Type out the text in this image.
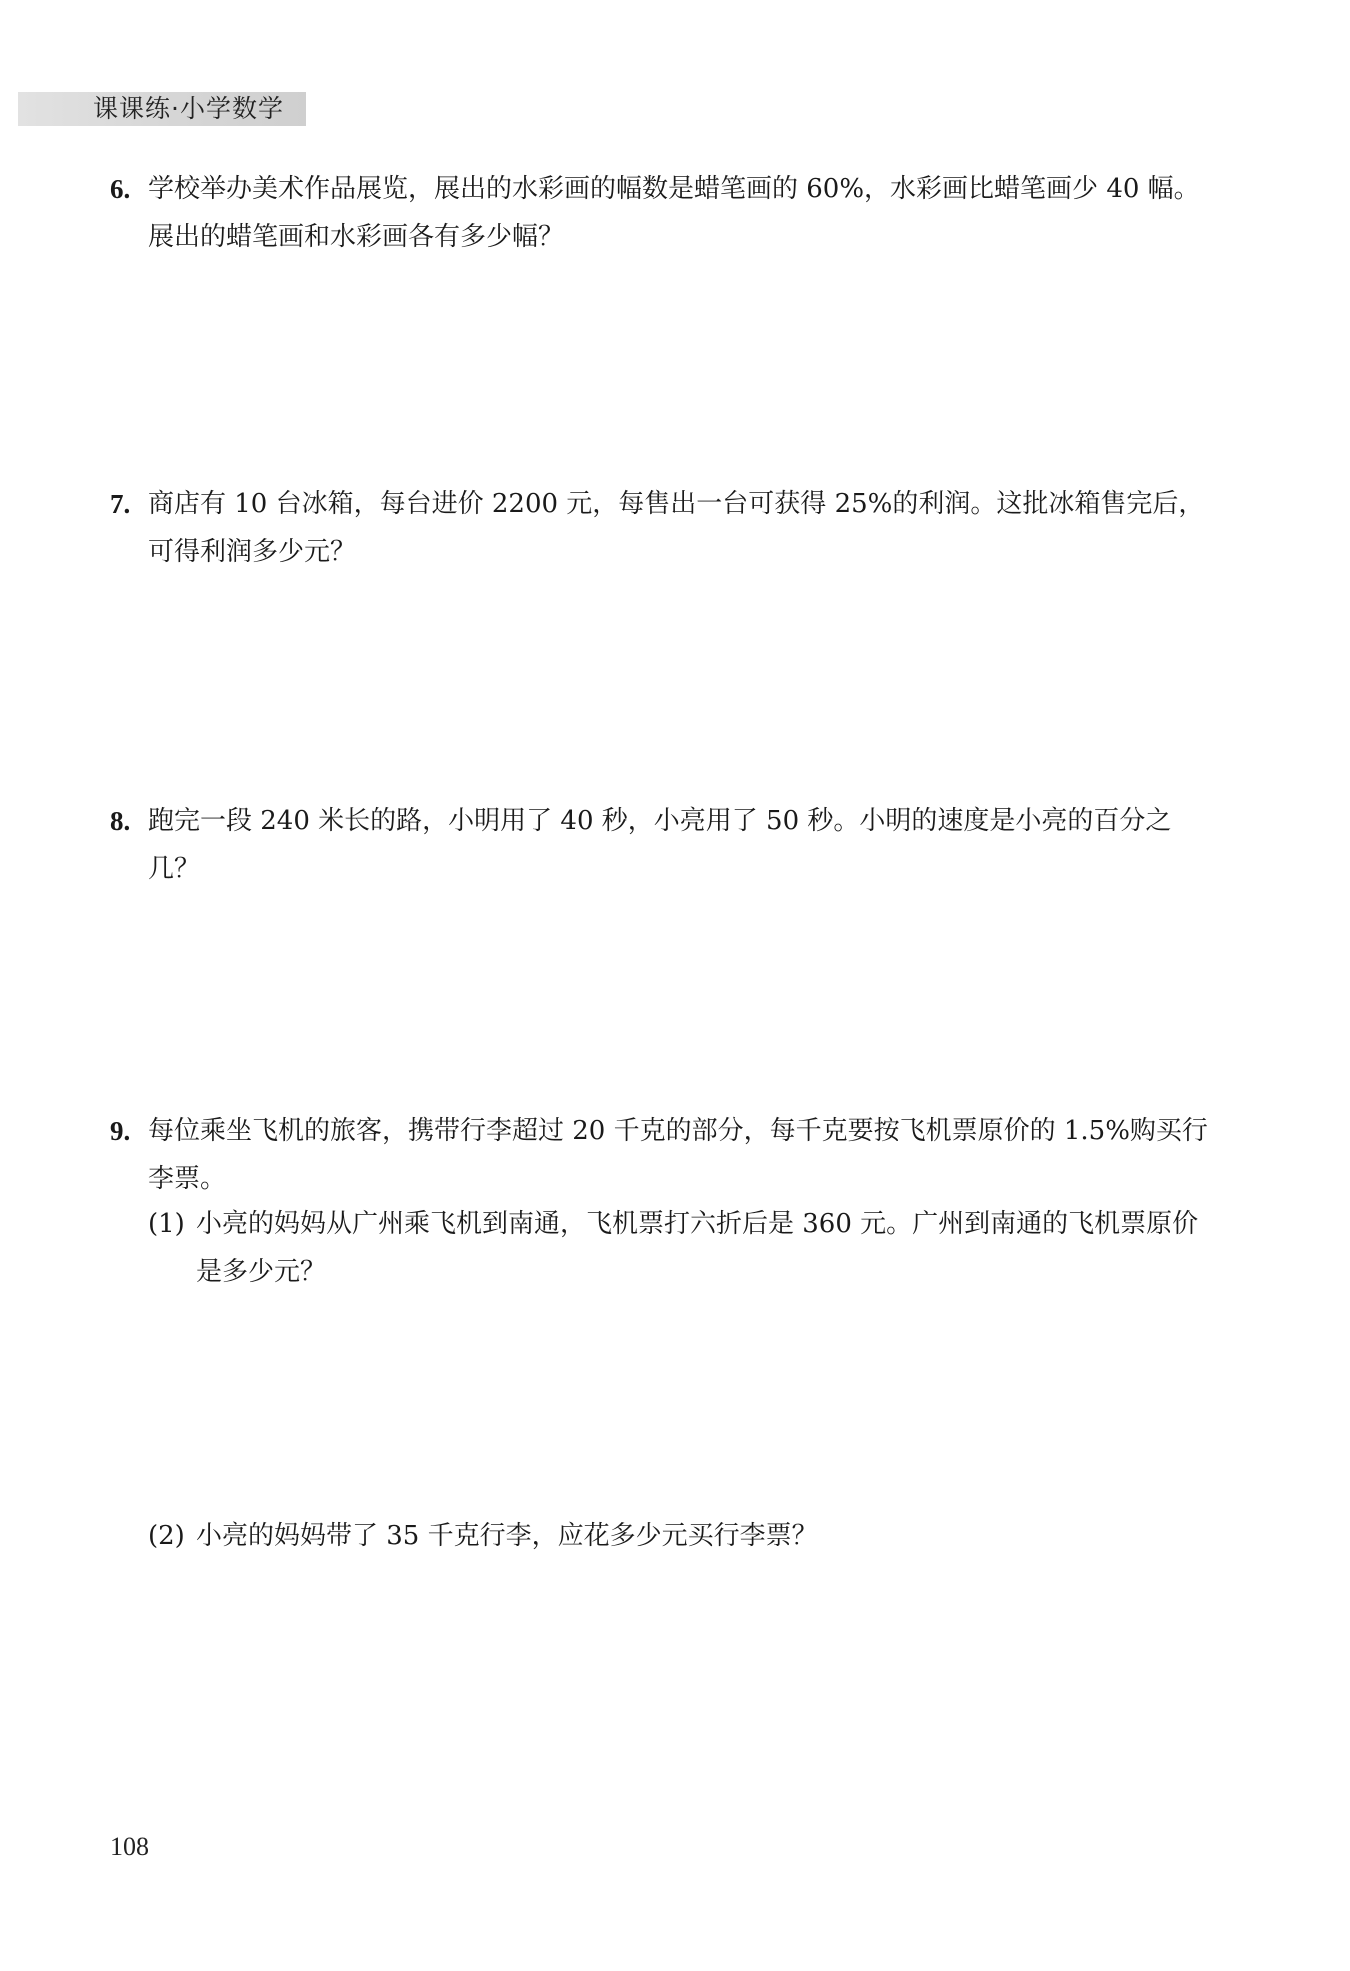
课课练·小学数学
6. 学校举办美术作品展览，展出的水彩画的幅数是蜡笔画的 60%，水彩画比蜡笔画少 40 幅。展出的蜡笔画和水彩画各有多少幅？
7. 商店有 10 台冰箱，每台进价 2200 元，每售出一台可获得 25%的利润。这批冰箱售完后，可得利润多少元？
8. 跑完一段 240 米长的路，小明用了 40 秒，小亮用了 50 秒。小明的速度是小亮的百分之几？
9. 每位乘坐飞机的旅客，携带行李超过 20 千克的部分，每千克要按飞机票原价的 1.5%购买行李票。
(1) 小亮的妈妈从广州乘飞机到南通，飞机票打六折后是 360 元。广州到南通的飞机票原价是多少元？
(2) 小亮的妈妈带了 35 千克行李，应花多少元买行李票？
108
